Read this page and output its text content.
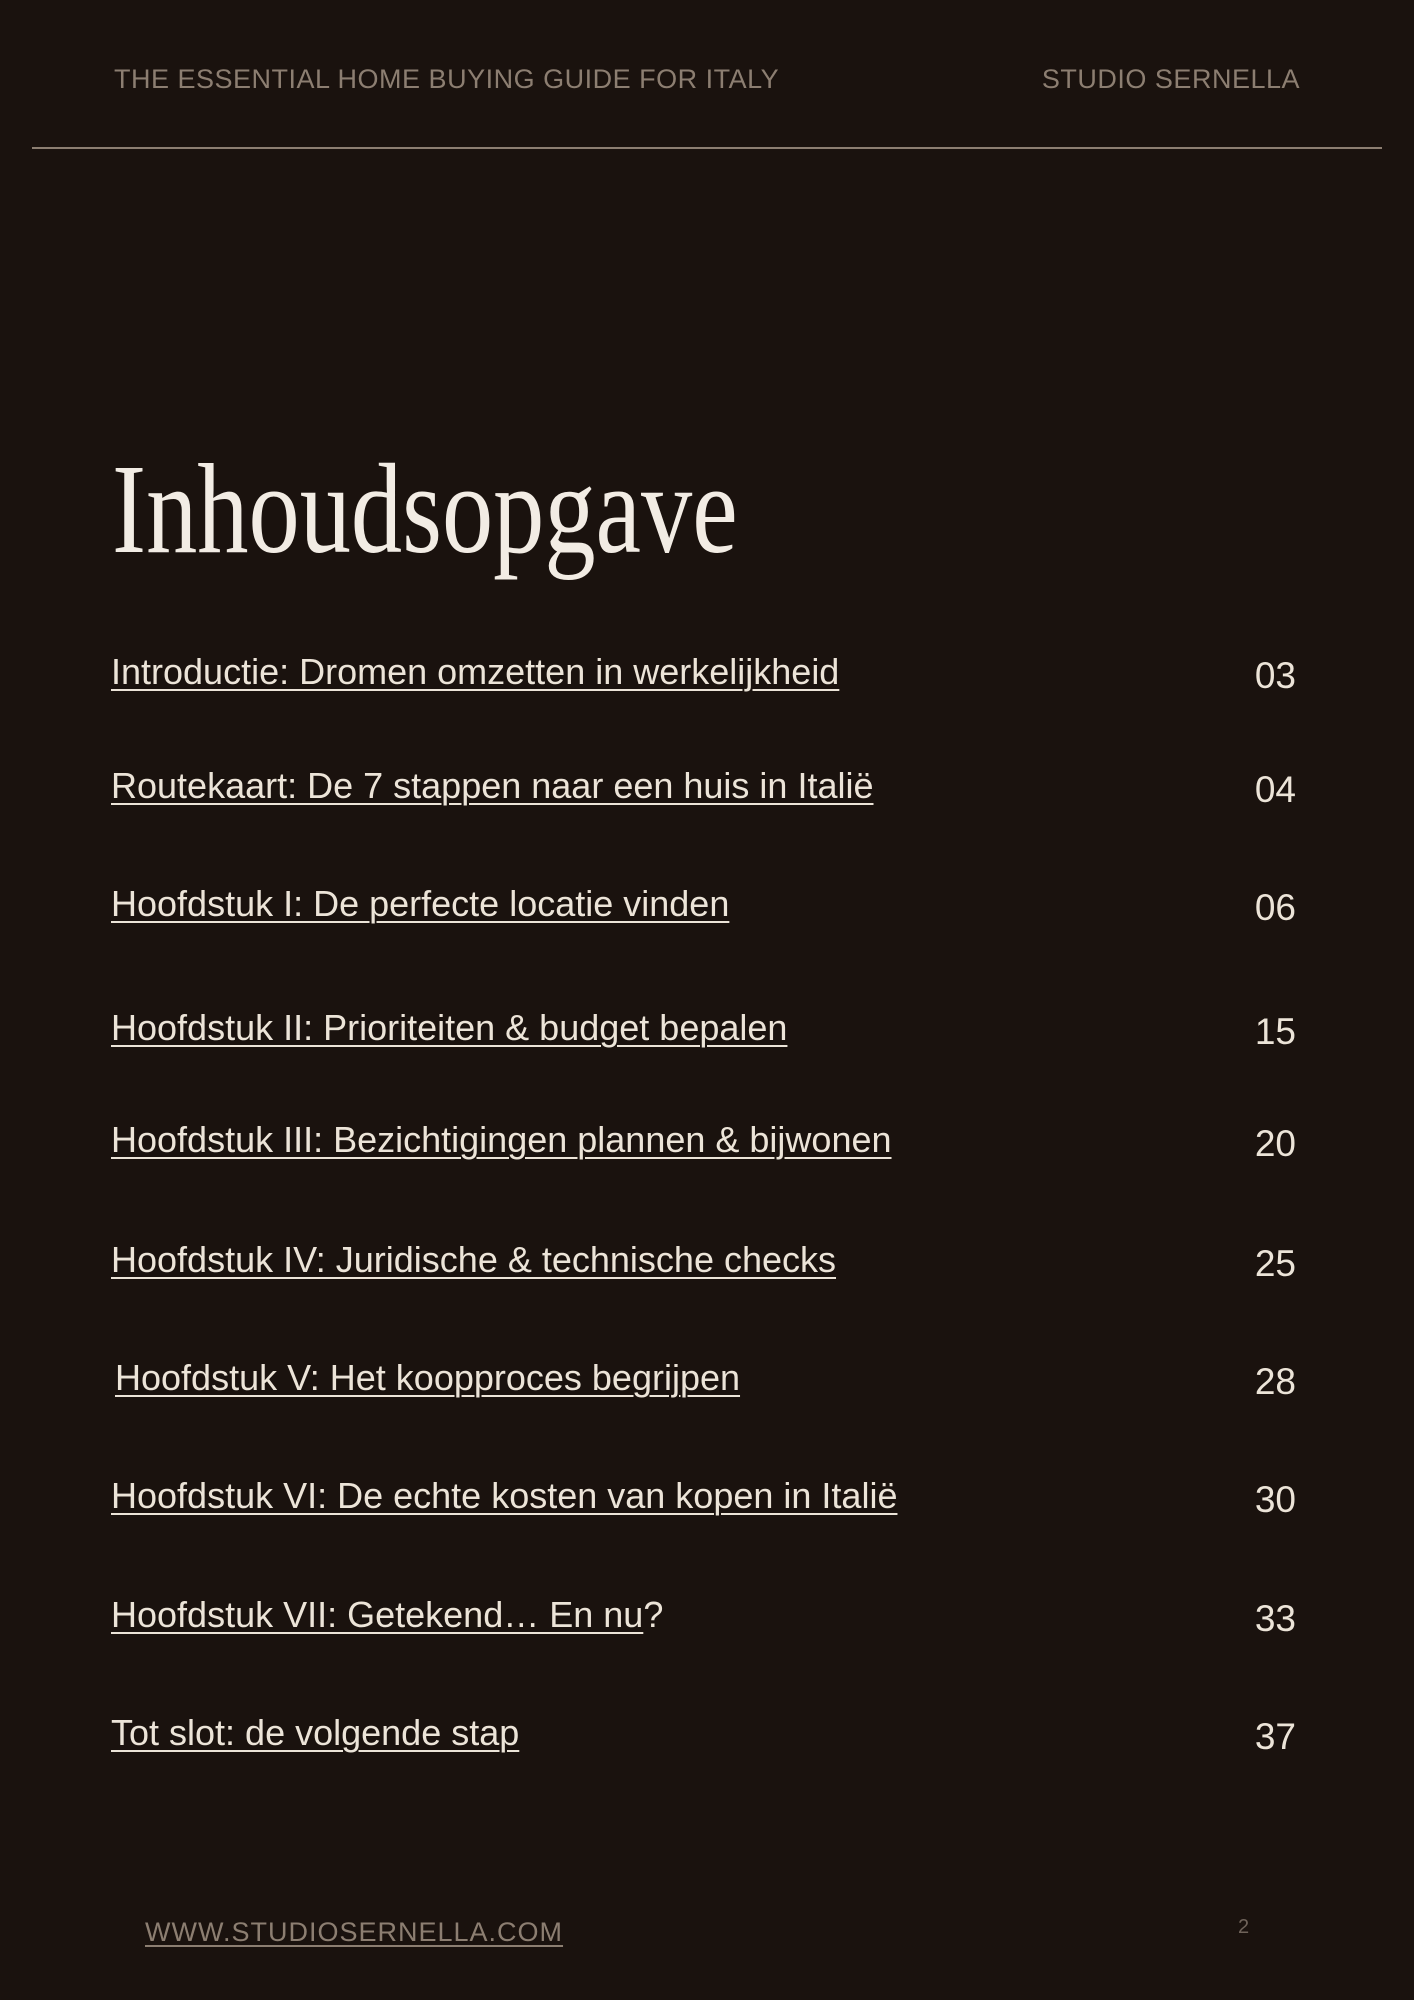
THE ESSENTIAL HOME BUYING GUIDE FOR ITALY	STUDIO SERNELLA
Inhoudsopgave
Introductie: Dromen omzetten in werkelijkheid	03
Routekaart: De 7 stappen naar een huis in Italië	04
Hoofdstuk I: De perfecte locatie vinden	06
Hoofdstuk II: Prioriteiten & budget bepalen	15
Hoofdstuk III: Bezichtigingen plannen & bijwonen	20
Hoofdstuk IV: Juridische & technische checks	25
Hoofdstuk V: Het koopproces begrijpen	28
Hoofdstuk VI: De echte kosten van kopen in Italië	30
Hoofdstuk VII: Getekend… En nu?	33
Tot slot: de volgende stap	37
WWW.STUDIOSERNELLA.COM	2
